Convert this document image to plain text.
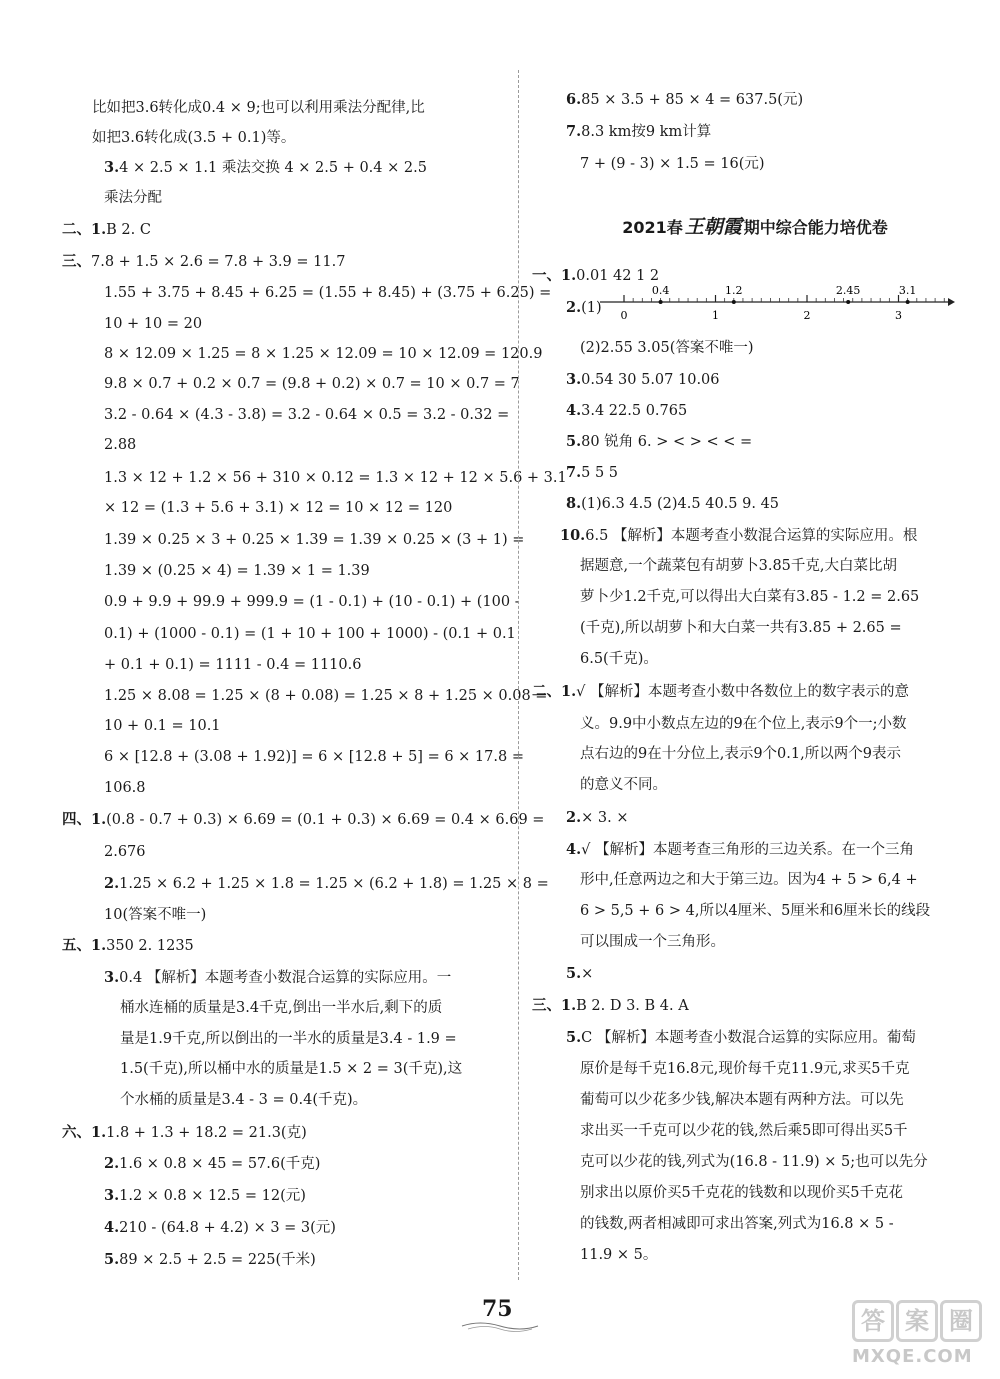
比如把3.6转化成0.4 × 9;也可以利用乘法分配律,比
如把3.6转化成(3.5 + 0.1)等。
3.4 × 2.5 × 1.1 乘法交换 4 × 2.5 + 0.4 × 2.5
乘法分配
二、1.B 2. C
三、7.8 + 1.5 × 2.6 = 7.8 + 3.9 = 11.7
1.55 + 3.75 + 8.45 + 6.25 = (1.55 + 8.45) + (3.75 + 6.25) =
10 + 10 = 20
8 × 12.09 × 1.25 = 8 × 1.25 × 12.09 = 10 × 12.09 = 120.9
9.8 × 0.7 + 0.2 × 0.7 = (9.8 + 0.2) × 0.7 = 10 × 0.7 = 7
3.2 - 0.64 × (4.3 - 3.8) = 3.2 - 0.64 × 0.5 = 3.2 - 0.32 =
2.88
1.3 × 12 + 1.2 × 56 + 310 × 0.12 = 1.3 × 12 + 12 × 5.6 + 3.1
× 12 = (1.3 + 5.6 + 3.1) × 12 = 10 × 12 = 120
1.39 × 0.25 × 3 + 0.25 × 1.39 = 1.39 × 0.25 × (3 + 1) =
1.39 × (0.25 × 4) = 1.39 × 1 = 1.39
0.9 + 9.9 + 99.9 + 999.9 = (1 - 0.1) + (10 - 0.1) + (100 -
0.1) + (1000 - 0.1) = (1 + 10 + 100 + 1000) - (0.1 + 0.1
+ 0.1 + 0.1) = 1111 - 0.4 = 1110.6
1.25 × 8.08 = 1.25 × (8 + 0.08) = 1.25 × 8 + 1.25 × 0.08 =
10 + 0.1 = 10.1
6 × [12.8 + (3.08 + 1.92)] = 6 × [12.8 + 5] = 6 × 17.8 =
106.8
四、1.(0.8 - 0.7 + 0.3) × 6.69 = (0.1 + 0.3) × 6.69 = 0.4 × 6.69 =
2.676
2.1.25 × 6.2 + 1.25 × 1.8 = 1.25 × (6.2 + 1.8) = 1.25 × 8 =
10(答案不唯一)
五、1.350 2. 1235
3.0.4 【解析】本题考查小数混合运算的实际应用。一
桶水连桶的质量是3.4千克,倒出一半水后,剩下的质
量是1.9千克,所以倒出的一半水的质量是3.4 - 1.9 =
1.5(千克),所以桶中水的质量是1.5 × 2 = 3(千克),这
个水桶的质量是3.4 - 3 = 0.4(千克)。
六、1.1.8 + 1.3 + 18.2 = 21.3(克)
2.1.6 × 0.8 × 45 = 57.6(千克)
3.1.2 × 0.8 × 12.5 = 12(元)
4.210 - (64.8 + 4.2) × 3 = 3(元)
5.89 × 2.5 + 2.5 = 225(千米)
6.85 × 3.5 + 85 × 4 = 637.5(元)
7.8.3 km按9 km计算
7 + (9 - 3) × 1.5 = 16(元)
一、1.0.01 42 1 2
2.(1)
(2)2.55 3.05(答案不唯一)
3.0.54 30 5.07 10.06
4.3.4 22.5 0.765
5.80 锐角 6. > < > < < =
7.5 5 5
8.(1)6.3 4.5 (2)4.5 40.5 9. 45
10.6.5 【解析】本题考查小数混合运算的实际应用。根
据题意,一个蔬菜包有胡萝卜3.85千克,大白菜比胡
萝卜少1.2千克,可以得出大白菜有3.85 - 1.2 = 2.65
(千克),所以胡萝卜和大白菜一共有3.85 + 2.65 =
6.5(千克)。
二、1.√ 【解析】本题考查小数中各数位上的数字表示的意
义。9.9中小数点左边的9在个位上,表示9个一;小数
点右边的9在十分位上,表示9个0.1,所以两个9表示
的意义不同。
2.× 3. ×
4.√ 【解析】本题考查三角形的三边关系。在一个三角
形中,任意两边之和大于第三边。因为4 + 5 > 6,4 +
6 > 5,5 + 6 > 4,所以4厘米、5厘米和6厘米长的线段
可以围成一个三角形。
5.×
三、1.B 2. D 3. B 4. A
5.C 【解析】本题考查小数混合运算的实际应用。葡萄
原价是每千克16.8元,现价每千克11.9元,求买5千克
葡萄可以少花多少钱,解决本题有两种方法。可以先
求出买一千克可以少花的钱,然后乘5即可得出买5千
克可以少花的钱,列式为(16.8 - 11.9) × 5;也可以先分
别求出以原价买5千克花的钱数和以现价买5千克花
的钱数,两者相减即可求出答案,列式为16.8 × 5 -
11.9 × 5。
2021春 王朝霞 期中综合能力培优卷
0	1	2	3
0.4	1.2	2.45	3.1
75	答 案 圈
MXQE.COM
